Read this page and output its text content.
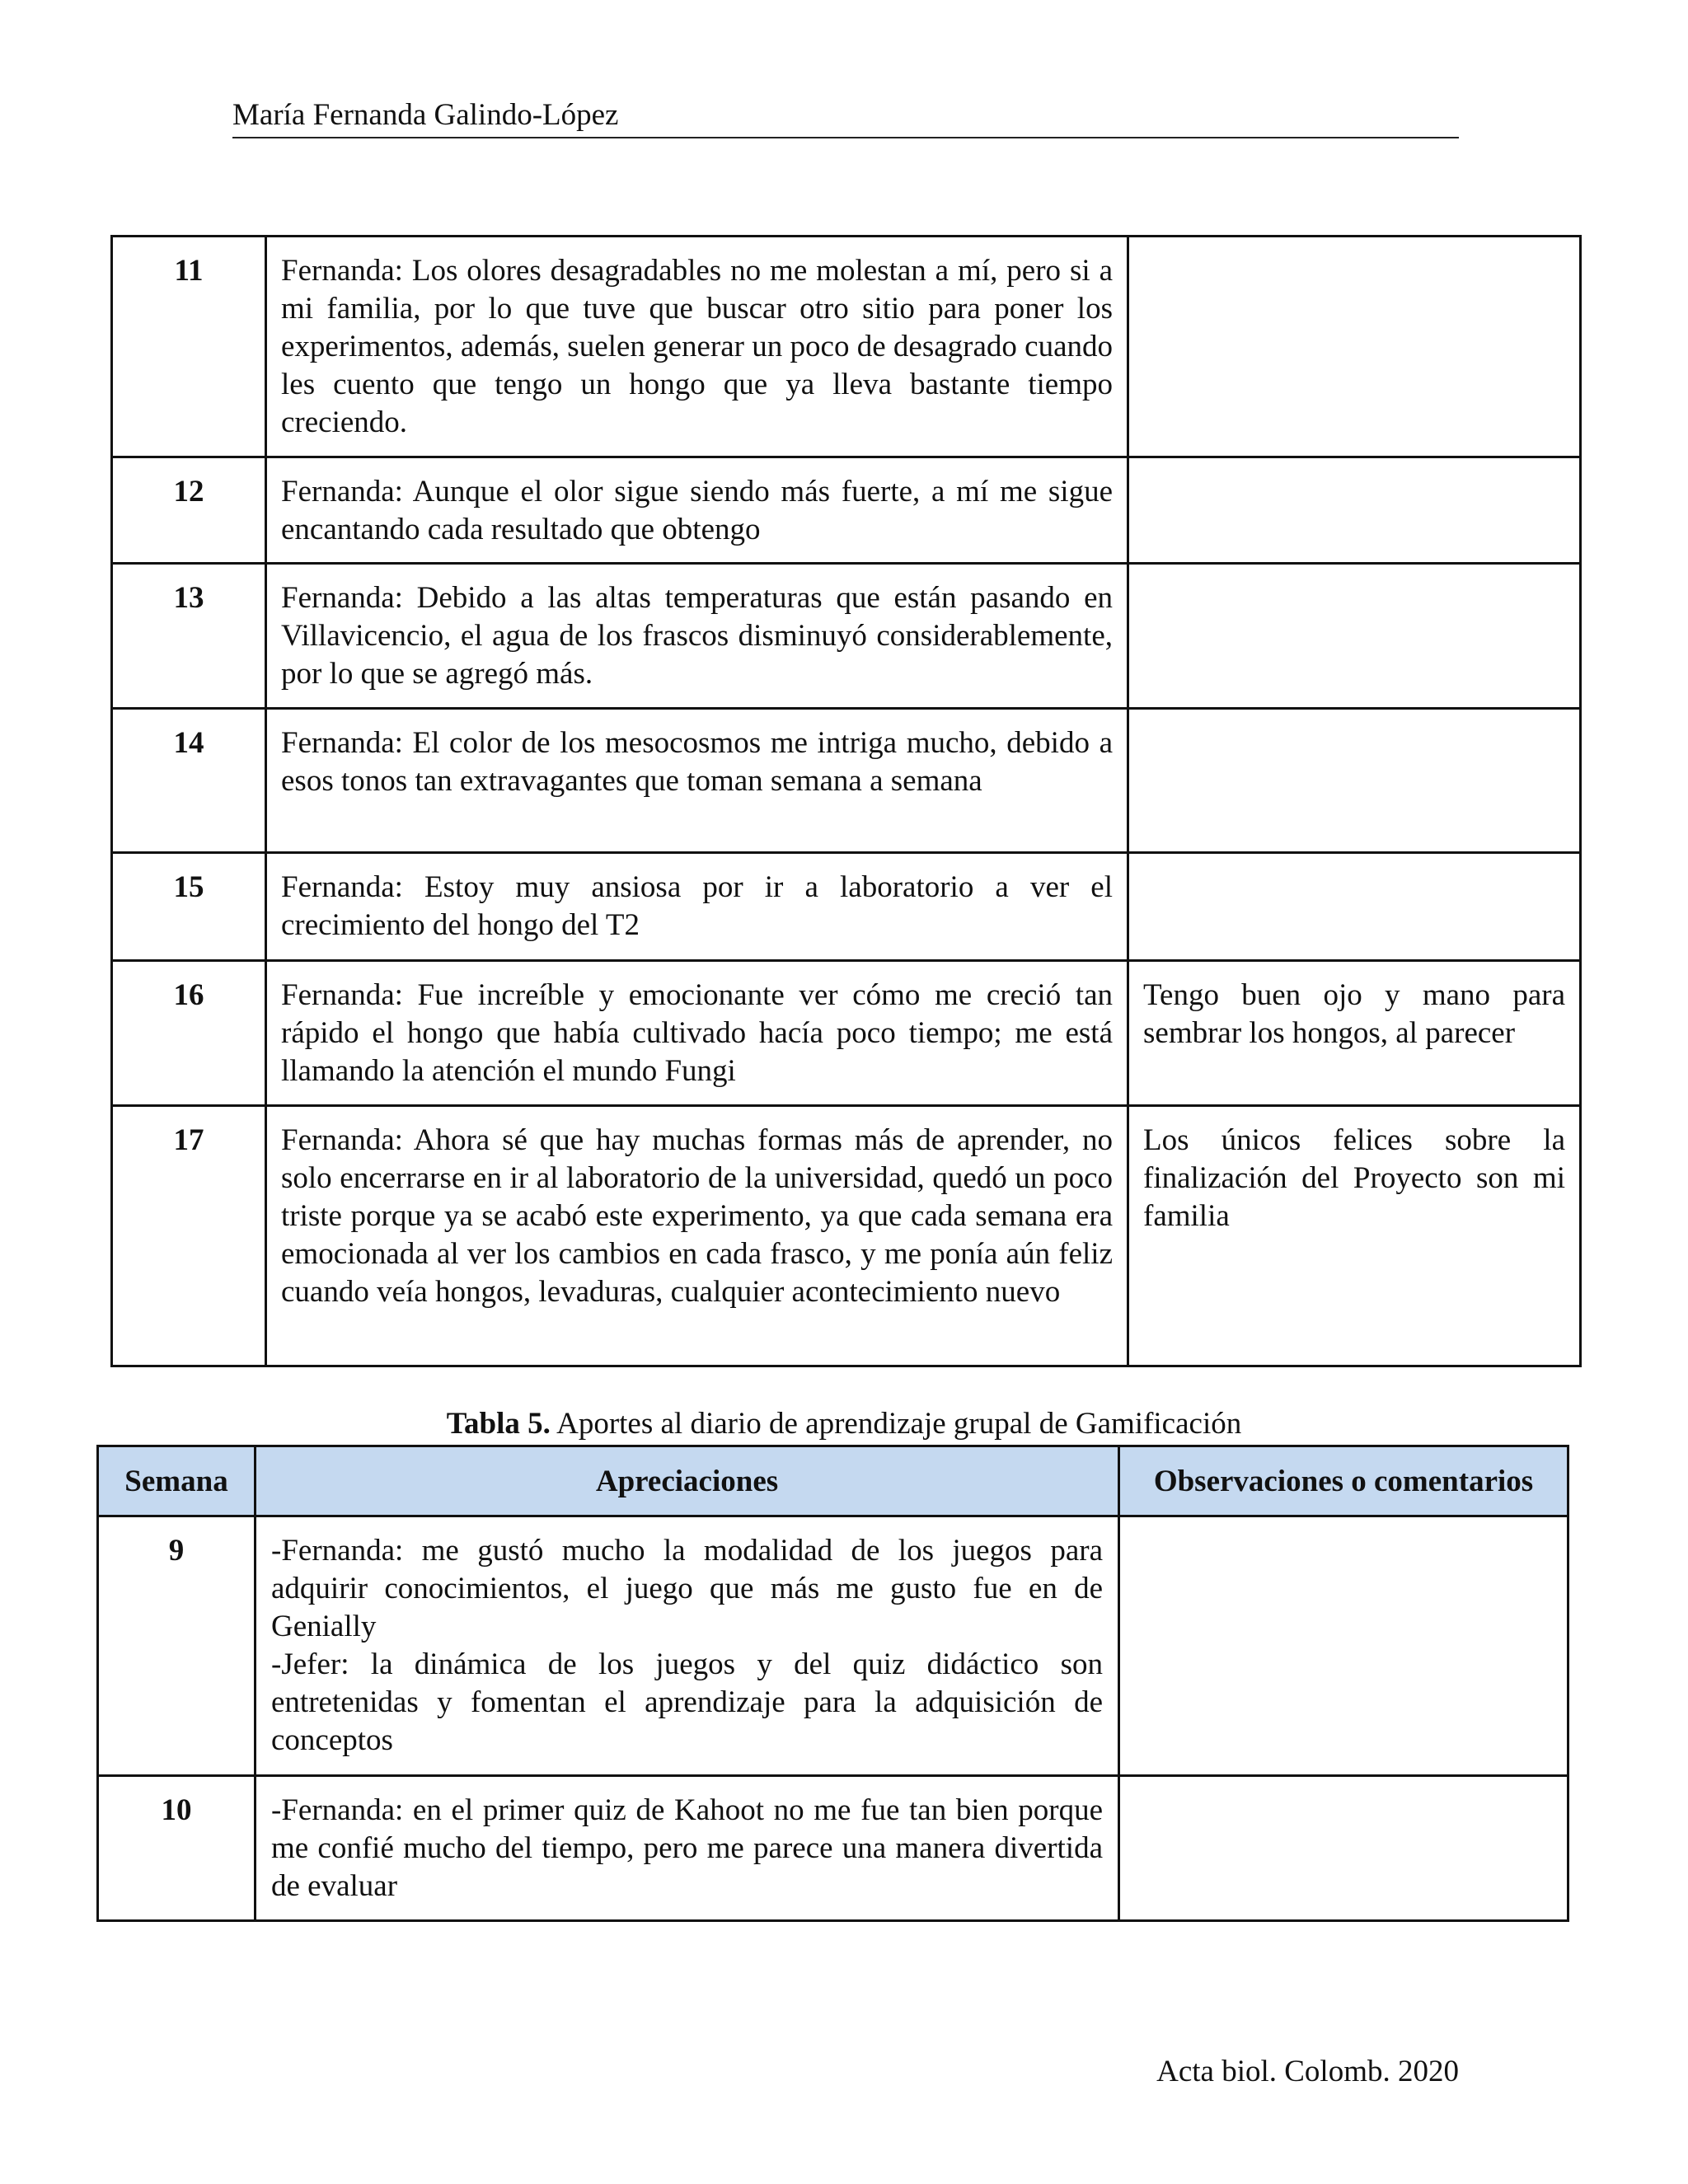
María Fernanda Galindo-López
11	Fernanda: Los olores desagradables no me molestan a mí, pero si a mi familia, por lo que tuve que buscar otro sitio para poner los experimentos, además, suelen generar un poco de desagrado cuando les cuento que tengo un hongo que ya lleva bastante tiempo creciendo.	
12	Fernanda: Aunque el olor sigue siendo más fuerte, a mí me sigue encantando cada resultado que obtengo	
13	Fernanda: Debido a las altas temperaturas que están pasando en Villavicencio, el agua de los frascos disminuyó considerablemente, por lo que se agregó más.	
14	Fernanda: El color de los mesocosmos me intriga mucho, debido a esos tonos tan extravagantes que toman semana a semana	
15	Fernanda: Estoy muy ansiosa por ir a laboratorio a ver el crecimiento del hongo del T2	
16	Fernanda: Fue increíble y emocionante ver cómo me creció tan rápido el hongo que había cultivado hacía poco tiempo; me está llamando la atención el mundo Fungi	Tengo buen ojo y mano para sembrar los hongos, al parecer
17	Fernanda: Ahora sé que hay muchas formas más de aprender, no solo encerrarse en ir al laboratorio de la universidad, quedó un poco triste porque ya se acabó este experimento, ya que cada semana era emocionada al ver los cambios en cada frasco, y me ponía aún feliz cuando veía hongos, levaduras, cualquier acontecimiento nuevo	Los únicos felices sobre la finalización del Proyecto son mi familia
Tabla 5. Aportes al diario de aprendizaje grupal de Gamificación
Semana	Apreciaciones	Observaciones o comentarios
9	-Fernanda: me gustó mucho la modalidad de los juegos para adquirir conocimientos, el juego que más me gusto fue en de Genially
-Jefer: la dinámica de los juegos y del quiz didáctico son entretenidas y fomentan el aprendizaje para la adquisición de conceptos	

10	-Fernanda: en el primer quiz de Kahoot no me fue tan bien porque me confié mucho del tiempo, pero me parece una manera divertida de evaluar	

Acta biol. Colomb. 2020
